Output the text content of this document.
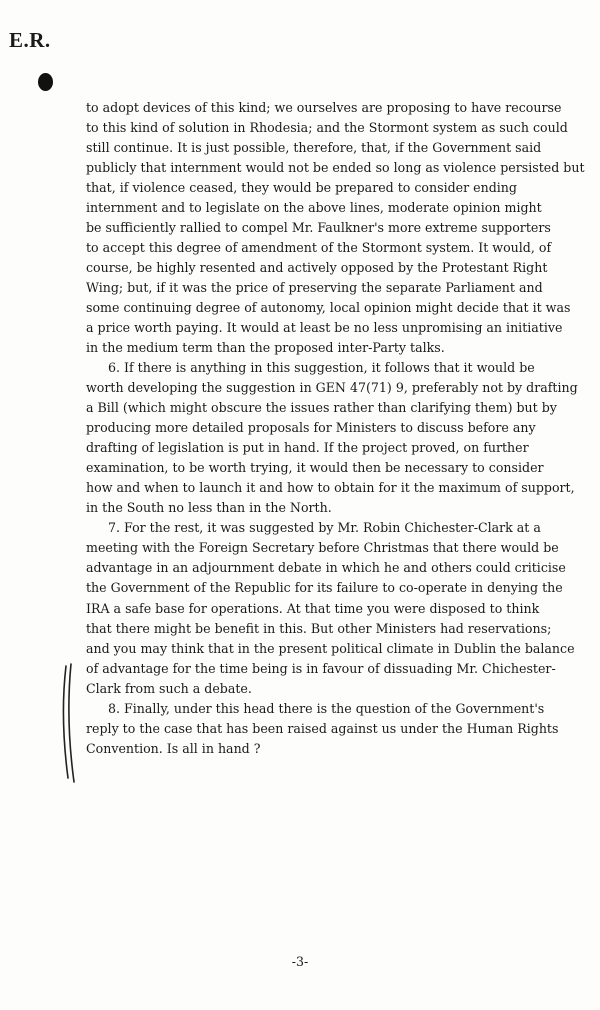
E.R.
to adopt devices of this kind; we ourselves are proposing to have recourse
to this kind of solution in Rhodesia; and the Stormont system as such could
still continue. It is just possible, therefore, that, if the Government said
publicly that internment would not be ended so long as violence persisted but
that, if violence ceased, they would be prepared to consider ending
internment and to legislate on the above lines, moderate opinion might
be sufficiently rallied to compel Mr. Faulkner's more extreme supporters
to accept this degree of amendment of the Stormont system. It would, of
course, be highly resented and actively opposed by the Protestant Right
Wing; but, if it was the price of preserving the separate Parliament and
some continuing degree of autonomy, local opinion might decide that it was
a price worth paying. It would at least be no less unpromising an initiative
in the medium term than the proposed inter-Party talks.
6. If there is anything in this suggestion, it follows that it would be
worth developing the suggestion in GEN 47(71) 9, preferably not by drafting
a Bill (which might obscure the issues rather than clarifying them) but by
producing more detailed proposals for Ministers to discuss before any
drafting of legislation is put in hand. If the project proved, on further
examination, to be worth trying, it would then be necessary to consider
how and when to launch it and how to obtain for it the maximum of support,
in the South no less than in the North.
7. For the rest, it was suggested by Mr. Robin Chichester-Clark at a
meeting with the Foreign Secretary before Christmas that there would be
advantage in an adjournment debate in which he and others could criticise
the Government of the Republic for its failure to co-operate in denying the
IRA a safe base for operations. At that time you were disposed to think
that there might be benefit in this. But other Ministers had reservations;
and you may think that in the present political climate in Dublin the balance
of advantage for the time being is in favour of dissuading Mr. Chichester-
Clark from such a debate.
8. Finally, under this head there is the question of the Government's
reply to the case that has been raised against us under the Human Rights
Convention. Is all in hand ?
-3-
